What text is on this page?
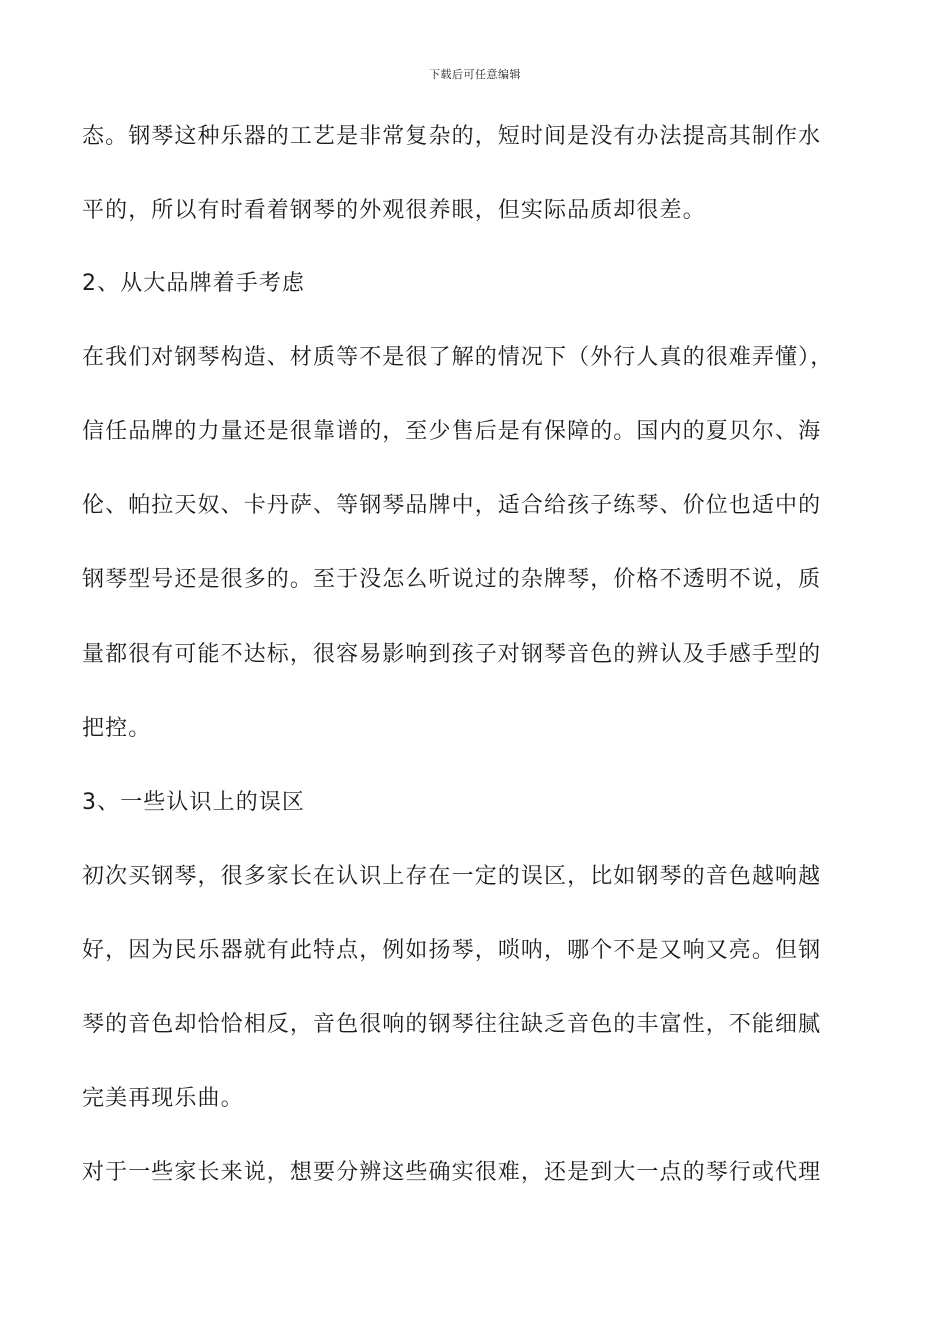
下载后可任意编辑
态。钢琴这种乐器的工艺是非常复杂的，短时间是没有办法提高其制作水
平的，所以有时看着钢琴的外观很养眼，但实际品质却很差。
2、从大品牌着手考虑
在我们对钢琴构造、材质等不是很了解的情况下（外行人真的很难弄懂），
信任品牌的力量还是很靠谱的，至少售后是有保障的。国内的夏贝尔、海
伦、帕拉天奴、卡丹萨、等钢琴品牌中，适合给孩子练琴、价位也适中的
钢琴型号还是很多的。至于没怎么听说过的杂牌琴，价格不透明不说，质
量都很有可能不达标，很容易影响到孩子对钢琴音色的辨认及手感手型的
把控。
3、一些认识上的误区
初次买钢琴，很多家长在认识上存在一定的误区，比如钢琴的音色越响越
好，因为民乐器就有此特点，例如扬琴，唢呐，哪个不是又响又亮。但钢
琴的音色却恰恰相反，音色很响的钢琴往往缺乏音色的丰富性，不能细腻
完美再现乐曲。
对于一些家长来说，想要分辨这些确实很难，还是到大一点的琴行或代理
